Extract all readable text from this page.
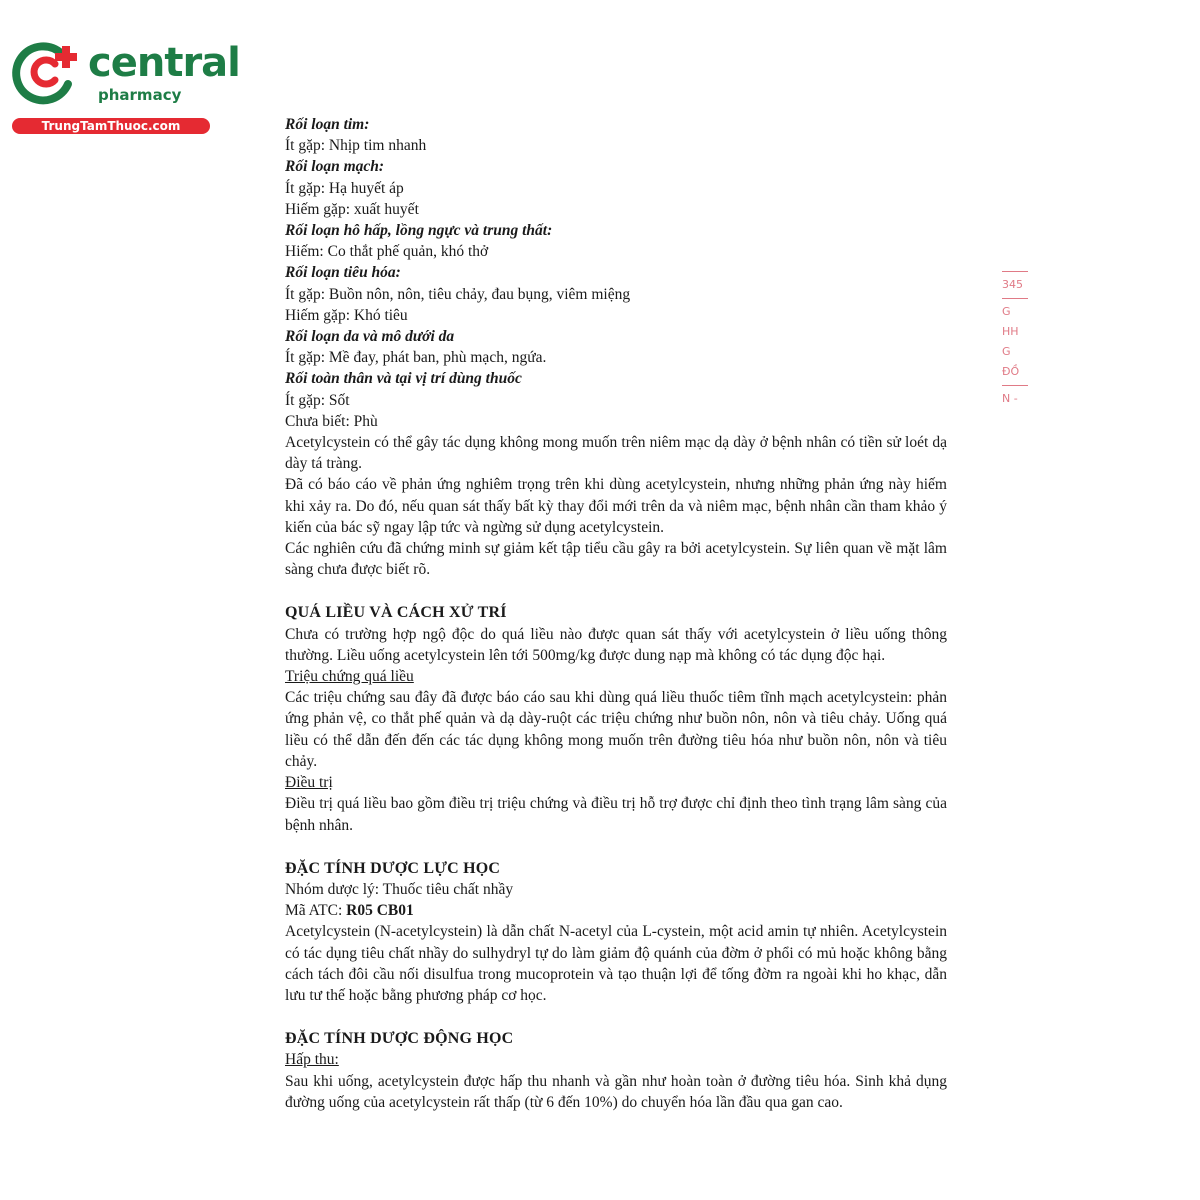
central
pharmacy
TrungTamThuoc.com	Rối loạn tim:
Ít gặp: Nhịp tim nhanh
Rối loạn mạch:
Ít gặp: Hạ huyết áp
Hiếm gặp: xuất huyết
Rối loạn hô hấp, lồng ngực và trung thất:
Hiếm: Co thắt phế quản, khó thở
Rối loạn tiêu hóa:
Ít gặp: Buồn nôn, nôn, tiêu chảy, đau bụng, viêm miệng
Hiếm gặp: Khó tiêu
Rối loạn da và mô dưới da
Ít gặp: Mề đay, phát ban, phù mạch, ngứa.
Rối toàn thân và tại vị trí dùng thuốc
Ít gặp: Sốt
Chưa biết: Phù
Acetylcystein có thể gây tác dụng không mong muốn trên niêm mạc dạ dày ở bệnh nhân có tiền sử loét dạ dày tá tràng.
Đã có báo cáo về phản ứng nghiêm trọng trên khi dùng acetylcystein, nhưng những phản ứng này hiếm khi xảy ra. Do đó, nếu quan sát thấy bất kỳ thay đổi mới trên da và niêm mạc, bệnh nhân cần tham khảo ý kiến của bác sỹ ngay lập tức và ngừng sử dụng acetylcystein.
Các nghiên cứu đã chứng minh sự giảm kết tập tiểu cầu gây ra bởi acetylcystein. Sự liên quan về mặt lâm sàng chưa được biết rõ.
QUÁ LIỀU VÀ CÁCH XỬ TRÍ
Chưa có trường hợp ngộ độc do quá liều nào được quan sát thấy với acetylcystein ở liều uống thông thường. Liều uống acetylcystein lên tới 500mg/kg được dung nạp mà không có tác dụng độc hại.
Triệu chứng quá liều
Các triệu chứng sau đây đã được báo cáo sau khi dùng quá liều thuốc tiêm tĩnh mạch acetylcystein: phản ứng phản vệ, co thắt phế quản và dạ dày-ruột các triệu chứng như buồn nôn, nôn và tiêu chảy. Uống quá liều có thể dẫn đến đến các tác dụng không mong muốn trên đường tiêu hóa như buồn nôn, nôn và tiêu chảy.
Điều trị
Điều trị quá liều bao gồm điều trị triệu chứng và điều trị hỗ trợ được chỉ định theo tình trạng lâm sàng của bệnh nhân.
ĐẶC TÍNH DƯỢC LỰC HỌC
Nhóm dược lý: Thuốc tiêu chất nhầy
Mã ATC: R05 CB01
Acetylcystein (N-acetylcystein) là dẫn chất N-acetyl của L-cystein, một acid amin tự nhiên. Acetylcystein có tác dụng tiêu chất nhầy do sulhydryl tự do làm giảm độ quánh của đờm ở phổi có mủ hoặc không bằng cách tách đôi cầu nối disulfua trong mucoprotein và tạo thuận lợi để tống đờm ra ngoài khi ho khạc, dẫn lưu tư thế hoặc bằng phương pháp cơ học.
ĐẶC TÍNH DƯỢC ĐỘNG HỌC
Hấp thu:
Sau khi uống, acetylcystein được hấp thu nhanh và gần như hoàn toàn ở đường tiêu hóa. Sinh khả dụng đường uống của acetylcystein rất thấp (từ 6 đến 10%) do chuyển hóa lần đầu qua gan cao.
345
G
HH
G
ĐỒ
N -
